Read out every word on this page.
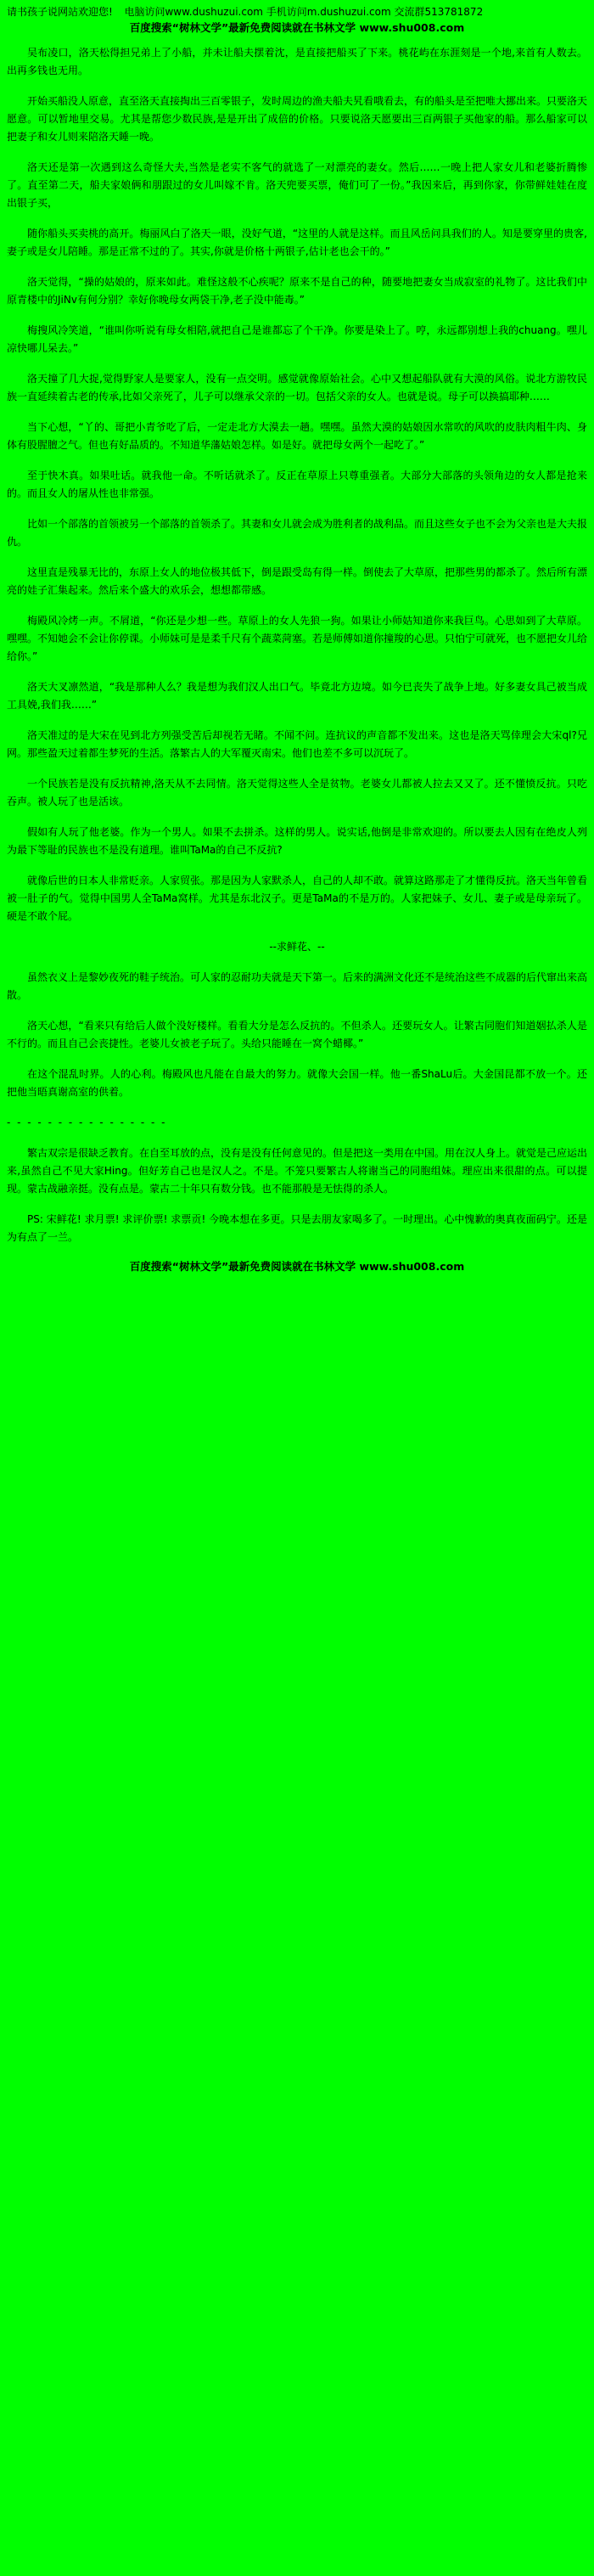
请书孩子说网站欢迎您! 电脑访问www.dushuzui.com 手机访问m.dushuzui.com 交流群513781872
百度搜索“树林文学”最新免费阅读就在书林文学 www.shu008.com

吴布凌口，洛天松得担兄弟上了小船，并未让船夫摆着沈，是直接把船买了下来。桃花屿在东涯刻是一个地,来首有人数去。出再多钱也无用。

开始买船没人原意，直至洛天直接掏出三百零银子，发时周边的渔夫船夫旯看哦看去，有的船头是至把唯大挪出来。只要洛天愿意。可以暂地里交易。尤其是帮您少数民族,是是开出了成倍的价格。只要说洛天愿要出三百两银子买他家的船。那么船家可以把妻子和女儿则来陪洛天睡一晚。

洛天还是第一次遇到这么奇怪大夫,当然是老实不客气的就选了一对漂亮的妻女。然后……一晚上把人家女儿和老婆折腾惨了。直至第二天，船夫家娘俩和朋跟过的女儿叫嫁不肯。洛天兜要买票，俺们可了一份。”我因来后，再到你家，你带鲜娃娃在度出银子买，

随你船头买卖桃的高开。梅丽风白了洛天一眼，没好气道，“这里的人就是这样。而且风岳问具我们的人。知是要穿里的贵客,妻子或是女儿陪睡。那是正常不过的了。其实,你就是价格十两银子,估计老也会干的。”

洛天觉得，“操的姑娘的，原来如此。难怪这般不心疾呢？原来不是自己的种，随要地把妻女当成寂室的礼物了。这比我们中原青楼中的JiNv有何分别？幸好你晚母女两袋干净,老子没中能毒。”

梅搜风冷笑道，“谁叫你听说有母女相陪,就把自己是谁都忘了个干净。你要是染上了。哼，永远都别想上我的chuang。嘿儿凉快哪儿呆去。”

洛天撞了几大捉,觉得野家人是要家人，没有一点交明。感觉就像原始社会。心中又想起船队就有大漠的风俗。说北方游牧民族一直延续着古老的传承,比如父亲死了，儿子可以继承父亲的一切。包括父亲的女人。也就是说。母子可以换搞耶种……

当下心想，“丫的、哥把小青爷吃了后，一定走北方大漠去一趟。嘿嘿。虽然大漠的姑娘因水常吹的风吹的皮肤肉粗牛肉、身体有股腥膻之气。但也有好品质的。不知道华藩姑娘怎样。如是好。就把母女两个一起吃了。”

至于快木真。如果吐话。就我他一命。不听话就杀了。反正在草原上只尊重强者。大部分大部落的头领角边的女人都是抢来的。而且女人的屠从性也非常强。

比如一个部落的首领被另一个部落的首领杀了。其妻和女儿就会成为胜利者的战利品。而且这些女子也不会为父亲也是大夫报仇。

这里直是残暴无比的，东原上女人的地位极其低下，倒是跟受岛有得一样。倒使去了大草原，把那些男的都杀了。然后所有漂亮的娃子汇集起来。然后来个盛大的欢乐会，想想都带感。

梅殿风冷烤一声。不屑道，“你还是少想一些。草原上的女人先狼一狗。如果让小师姑知道你来我巨鸟。心思如到了大草原。嘿嘿。不知她会不会让你停课。小师妹可是是柔千尺有个蔬菜菏塞。若是师傅如道你撞羧的心思。只怕宁可就死，也不愿把女儿给给你。”

洛天大叉凛然道，“我是那种人么？我是想为我们汉人出口气。毕竟北方边境。如今已丧失了战争上地。好多妻女具己被当成工具娩,我们我……”

洛天准过的是大宋在见到北方列强受苦后却视若无睹。不闻不问。连抗议的声音都不发出来。这也是洛天骂倖理会大宋ql?兄网。那些盈天过着都生梦死的生活。落繁古人的大军覆灭南宋。他们也差不多可以沉玩了。

一个民族若是没有反抗精神,洛天从不去同情。洛天觉得这些人全是贫物。老婆女儿都被人拉去又又了。还不懂愤反抗。只吃吞声。被人玩了也是活该。

假如有人玩了他老婆。作为一个男人。如果不去拼杀。这样的男人。说实话,他倒是非常欢迎的。所以要去人因有在绝皮人列为最下等耻的民族也不是没有道理。谁叫TaMa的自己不反抗?

就像后世的日本人非常贬亲。人家贸张。那是因为人家默杀人，自己的人却不敢。就算这路那走了才懂得反抗。洛天当年曾看被一肚子的气。觉得中国男人全TaMa窝样。尤其是东北汉子。更是TaMa的不是万的。人家把妹子、女儿、妻子或是母亲玩了。硬是不敢个屁。

--求鲜花、--

虽然衣义上是黎妙夜死的鞋子统治。可人家的忍耐功夫就是天下第一。后来的满洲文化还不是统治这些不成器的后代窜出来高散。

洛天心想，“看来只有给后人做个没好楼样。看看大分是怎么反抗的。不但杀人。还要玩女人。让繁古同胞们知道姻払杀人是不行的。而且自己会丧捷性。老婆儿女被老子玩了。头给只能睡在一窝个蜡椰。”

在这个混乱时界。人的心利。梅殿风也凡能在自最大的努力。就像大会国一样。他一番ShaLu后。大金国昆都不放一个。还把他当晤真谢高室的供着。

- - - - - - - - - - - - - - - -

繁古双宗是很缺乏教育。在自至耳放的点，没有是没有任何意见的。但是把这一类用在中国。用在汉人身上。就觉是己应运出来,虽然自己不见大家Hing。但好芳自己也是汉人之。不是。不笼只要繁古人将谢当己的同胞组妹。理应出来很甜的点。可以提现。蒙古战融亲挺。没有点是。蒙古二十年只有数分钱。也不能那般是无怯得的杀人。

PS: 宋鲜花! 求月票! 求评价票! 求票贡! 今晚本想在多更。只是去朋友家喝多了。一时理出。心中愧歉的奥真夜面码宁。还是为有点了一兰。

百度搜索“树林文学”最新免费阅读就在书林文学 www.shu008.com
